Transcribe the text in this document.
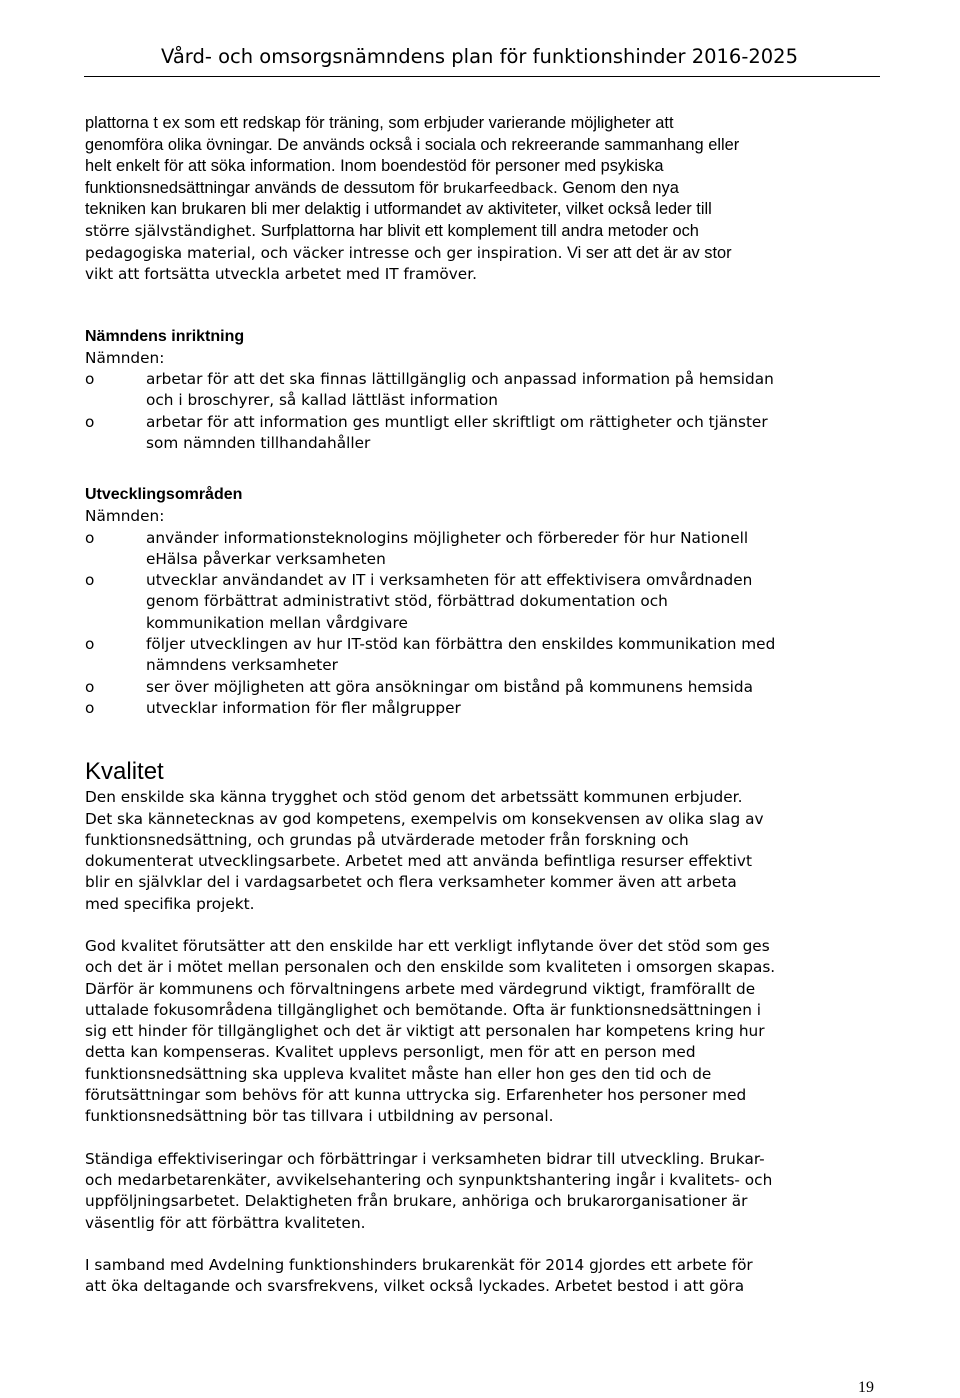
Vård- och omsorgsnämndens plan för funktionshinder 2016-2025
plattorna t ex som ett redskap för träning, som erbjuder varierande möjligheter att
genomföra olika övningar. De används också i sociala och rekreerande sammanhang eller
helt enkelt för att söka information. Inom boendestöd för personer med psykiska
funktionsnedsättningar används de dessutom för brukarfeedback. Genom den nya
tekniken kan brukaren bli mer delaktig i utformandet av aktiviteter, vilket också leder till
större självständighet. Surfplattorna har blivit ett komplement till andra metoder och
pedagogiska material, och väcker intresse och ger inspiration. Vi ser att det är av stor
vikt att fortsätta utveckla arbetet med IT framöver.
Nämndens inriktning
Nämnden:
o	arbetar för att det ska finnas lättillgänglig och anpassad information på hemsidan
och i broschyrer, så kallad lättläst information
o	arbetar för att information ges muntligt eller skriftligt om rättigheter och tjänster
som nämnden tillhandahåller
Utvecklingsområden
Nämnden:
o	använder informationsteknologins möjligheter och förbereder för hur Nationell
eHälsa påverkar verksamheten
o	utvecklar användandet av IT i verksamheten för att effektivisera omvårdnaden
genom förbättrat administrativt stöd, förbättrad dokumentation och
kommunikation mellan vårdgivare
o	följer utvecklingen av hur IT-stöd kan förbättra den enskildes kommunikation med
nämndens verksamheter
o	ser över möjligheten att göra ansökningar om bistånd på kommunens hemsida
o	utvecklar information för fler målgrupper
Kvalitet
Den enskilde ska känna trygghet och stöd genom det arbetssätt kommunen erbjuder.
Det ska kännetecknas av god kompetens, exempelvis om konsekvensen av olika slag av
funktionsnedsättning, och grundas på utvärderade metoder från forskning och
dokumenterat utvecklingsarbete. Arbetet med att använda befintliga resurser effektivt
blir en självklar del i vardagsarbetet och flera verksamheter kommer även att arbeta
med specifika projekt.
God kvalitet förutsätter att den enskilde har ett verkligt inflytande över det stöd som ges
och det är i mötet mellan personalen och den enskilde som kvaliteten i omsorgen skapas.
Därför är kommunens och förvaltningens arbete med värdegrund viktigt, framförallt de
uttalade fokusområdena tillgänglighet och bemötande. Ofta är funktionsnedsättningen i
sig ett hinder för tillgänglighet och det är viktigt att personalen har kompetens kring hur
detta kan kompenseras. Kvalitet upplevs personligt, men för att en person med
funktionsnedsättning ska uppleva kvalitet måste han eller hon ges den tid och de
förutsättningar som behövs för att kunna uttrycka sig. Erfarenheter hos personer med
funktionsnedsättning bör tas tillvara i utbildning av personal.
Ständiga effektiviseringar och förbättringar i verksamheten bidrar till utveckling. Brukar-
och medarbetarenkäter, avvikelsehantering och synpunktshantering ingår i kvalitets- och
uppföljningsarbetet. Delaktigheten från brukare, anhöriga och brukarorganisationer är
väsentlig för att förbättra kvaliteten.
I samband med Avdelning funktionshinders brukarenkät för 2014 gjordes ett arbete för
att öka deltagande och svarsfrekvens, vilket också lyckades. Arbetet bestod i att göra
19
